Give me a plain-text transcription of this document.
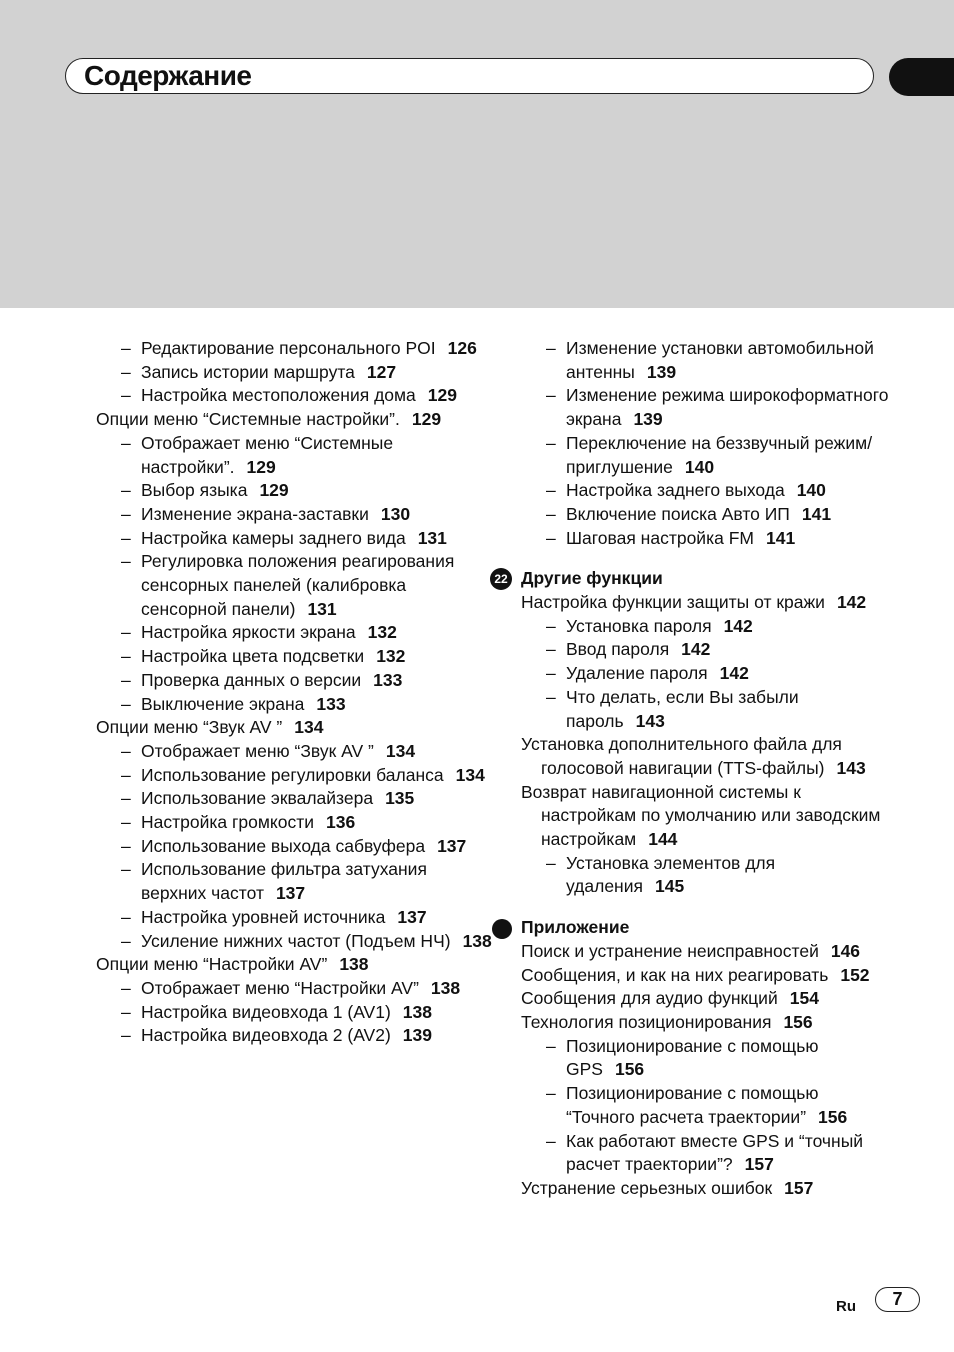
Содержание
– Редактирование персонального POI 126
– Запись истории маршрута 127
– Настройка местоположения дома 129
Опции меню “Системные настройки”. 129
– Отображает меню “Системные настройки”. 129
– Выбор языка 129
– Изменение экрана-заставки 130
– Настройка камеры заднего вида 131
– Регулировка положения реагирования сенсорных панелей (калибровка сенсорной панели) 131
– Настройка яркости экрана 132
– Настройка цвета подсветки 132
– Проверка данных о версии 133
– Выключение экрана 133
Опции меню “Звук AV ” 134
– Отображает меню “Звук AV ” 134
– Использование регулировки баланса 134
– Использование эквалайзера 135
– Настройка громкости 136
– Использование выхода сабвуфера 137
– Использование фильтра затухания верхних частот 137
– Настройка уровней источника 137
– Усиление нижних частот (Подъем НЧ) 138
Опции меню “Настройки AV” 138
– Отображает меню “Настройки AV” 138
– Настройка видеовхода 1 (AV1) 138
– Настройка видеовхода 2 (AV2) 139
– Изменение установки автомобильной антенны 139
– Изменение режима широкоформатного экрана 139
– Переключение на беззвучный режим/приглушение 140
– Настройка заднего выхода 140
– Включение поиска Авто ИП 141
– Шаговая настройка FM 141
22 Другие функции
Настройка функции защиты от кражи 142
– Установка пароля 142
– Ввод пароля 142
– Удаление пароля 142
– Что делать, если Вы забыли пароль 143
Установка дополнительного файла для голосовой навигации (TTS-файлы) 143
Возврат навигационной системы к настройкам по умолчанию или заводским настройкам 144
– Установка элементов для удаления 145
Приложение
Поиск и устранение неисправностей 146
Сообщения, и как на них реагировать 152
Сообщения для аудио функций 154
Технология позиционирования 156
– Позиционирование с помощью GPS 156
– Позиционирование с помощью “Точного расчета траектории” 156
– Как работают вместе GPS и “точный расчет траектории”? 157
Устранение серьезных ошибок 157
Ru	7
